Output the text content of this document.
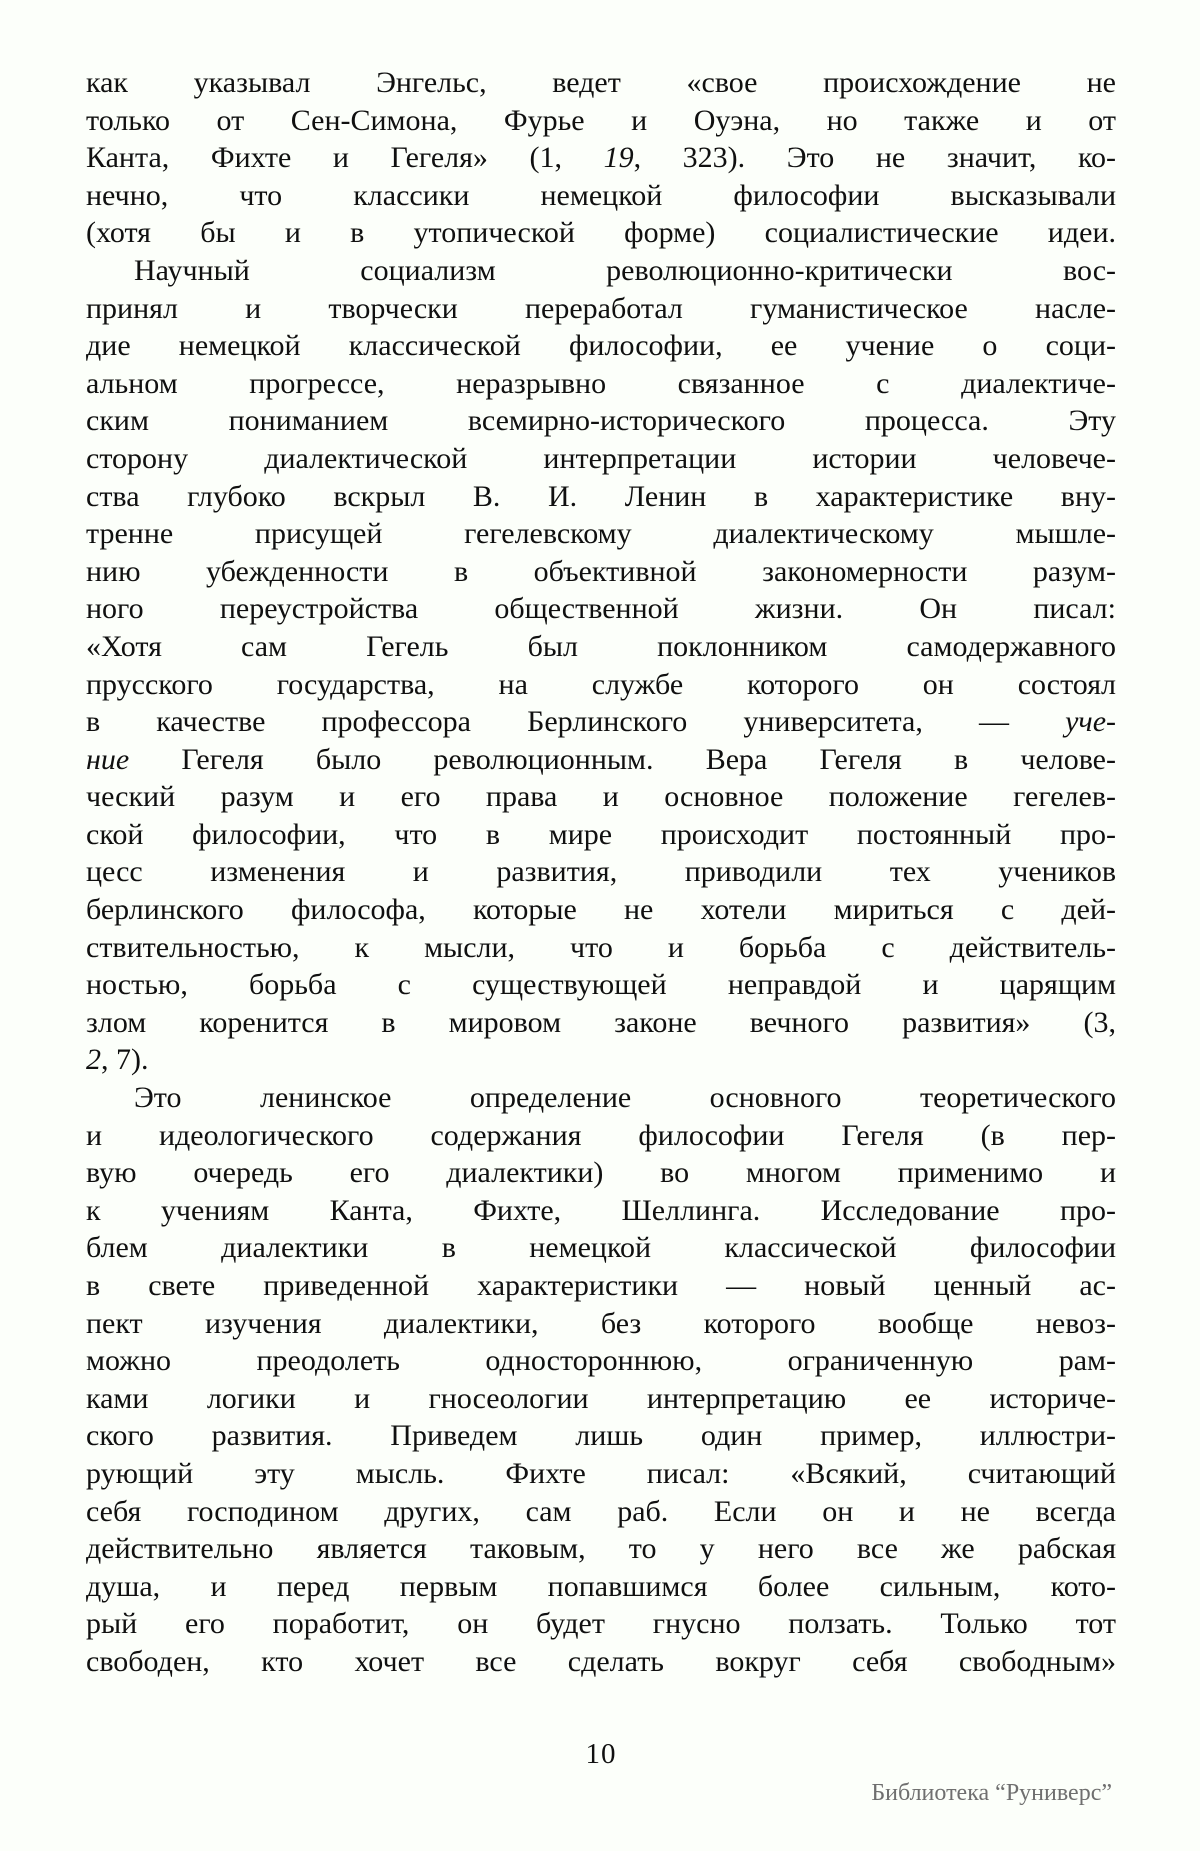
как указывал Энгельс, ведет «свое происхождение не
только от Сен-Симона, Фурье и Оуэна, но также и от
Канта, Фихте и Гегеля» (1, 19, 323). Это не значит, ко-
нечно, что классики немецкой философии высказывали
(хотя бы и в утопической форме) социалистические идеи.
Научный социализм революционно-критически вос-
принял и творчески переработал гуманистическое насле-
дие немецкой классической философии, ее учение о соци-
альном прогрессе, неразрывно связанное с диалектиче-
ским пониманием всемирно-исторического процесса. Эту
сторону диалектической интерпретации истории человече-
ства глубоко вскрыл В. И. Ленин в характеристике вну-
тренне присущей гегелевскому диалектическому мышле-
нию убежденности в объективной закономерности разум-
ного переустройства общественной жизни. Он писал:
«Хотя сам Гегель был поклонником самодержавного
прусского государства, на службе которого он состоял
в качестве профессора Берлинского университета, — уче-
ние Гегеля было революционным. Вера Гегеля в челове-
ческий разум и его права и основное положение гегелев-
ской философии, что в мире происходит постоянный про-
цесс изменения и развития, приводили тех учеников
берлинского философа, которые не хотели мириться с дей-
ствительностью, к мысли, что и борьба с действитель-
ностью, борьба с существующей неправдой и царящим
злом коренится в мировом законе вечного развития» (3,
2, 7).
Это ленинское определение основного теоретического
и идеологического содержания философии Гегеля (в пер-
вую очередь его диалектики) во многом применимо и
к учениям Канта, Фихте, Шеллинга. Исследование про-
блем диалектики в немецкой классической философии
в свете приведенной характеристики — новый ценный ас-
пект изучения диалектики, без которого вообще невоз-
можно преодолеть одностороннюю, ограниченную рам-
ками логики и гносеологии интерпретацию ее историче-
ского развития. Приведем лишь один пример, иллюстри-
рующий эту мысль. Фихте писал: «Всякий, считающий
себя господином других, сам раб. Если он и не всегда
действительно является таковым, то у него все же рабская
душа, и перед первым попавшимся более сильным, кото-
рый его поработит, он будет гнусно ползать. Только тот
свободен, кто хочет все сделать вокруг себя свободным»
10
Библиотека “Руниверс”
